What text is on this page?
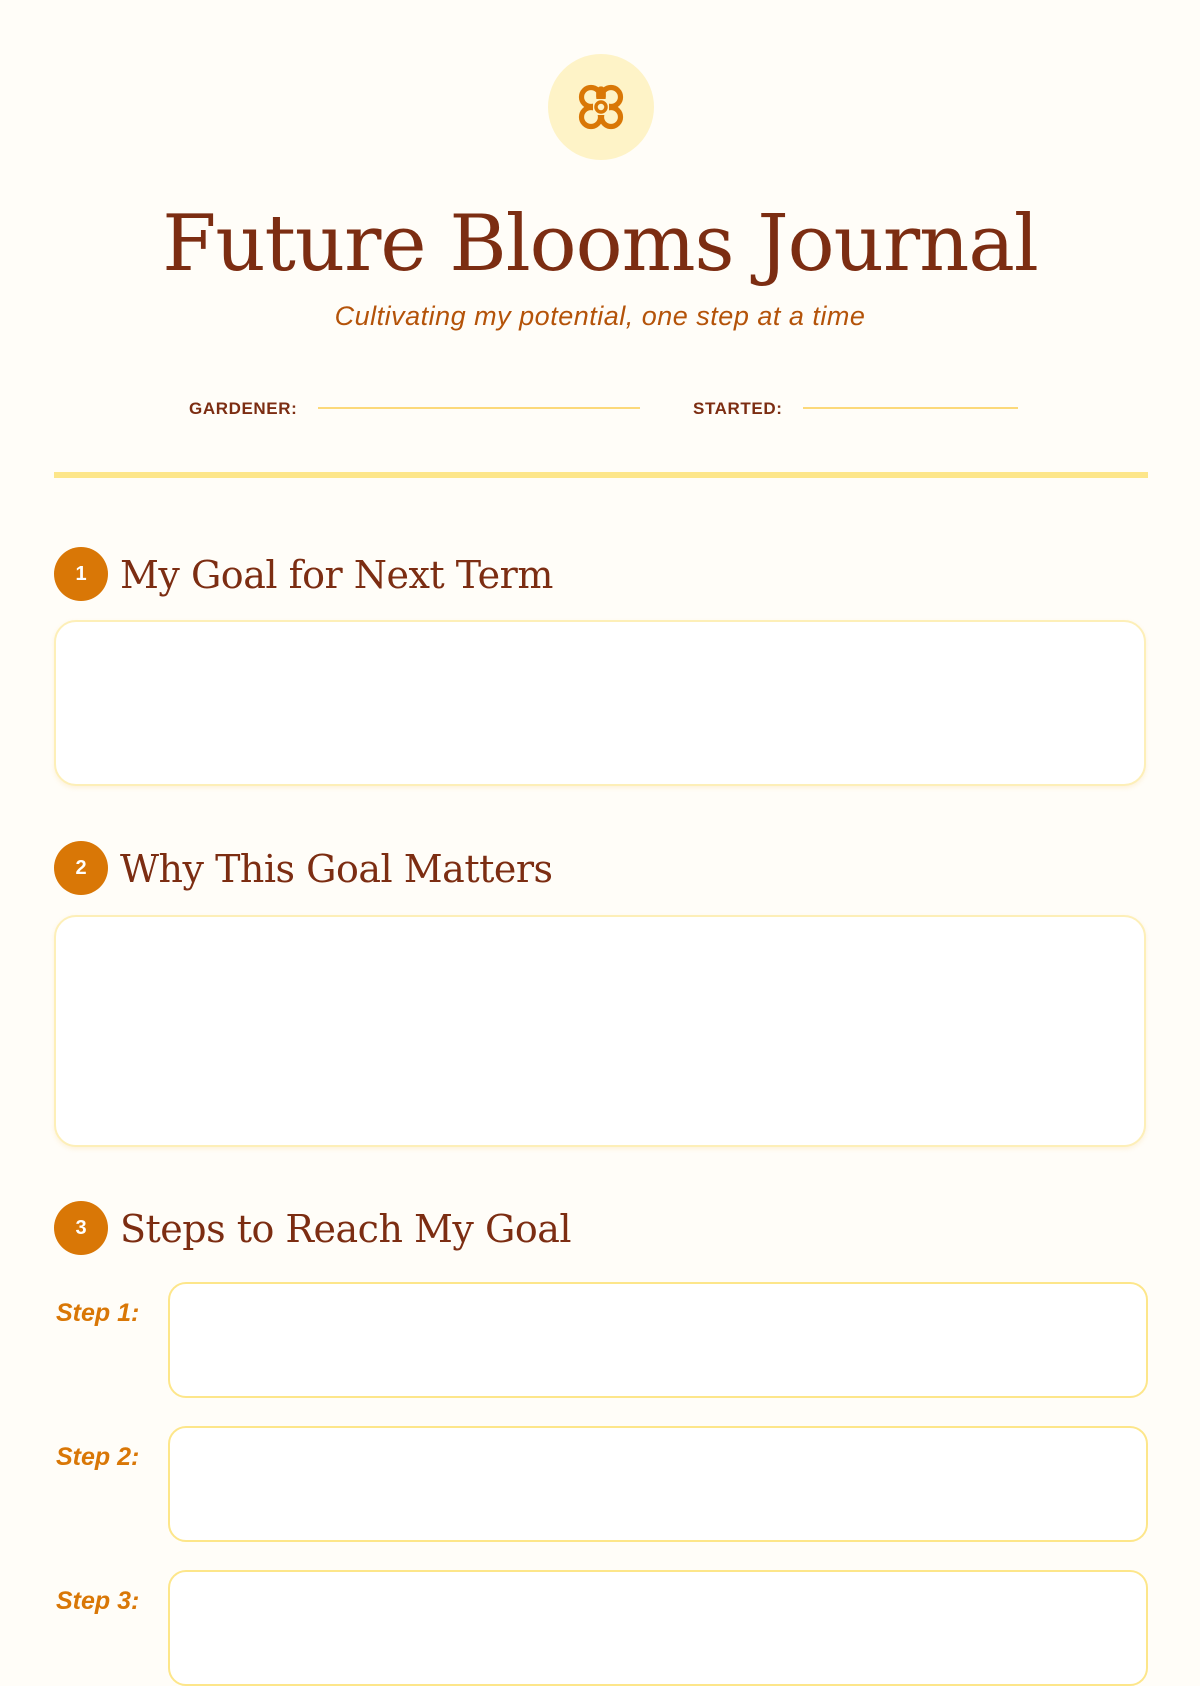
Future Blooms Journal
Cultivating my potential, one step at a time
GARDENER:	STARTED:
1 My Goal for Next Term
2 Why This Goal Matters
3 Steps to Reach My Goal
Step 1:
Step 2:
Step 3:
